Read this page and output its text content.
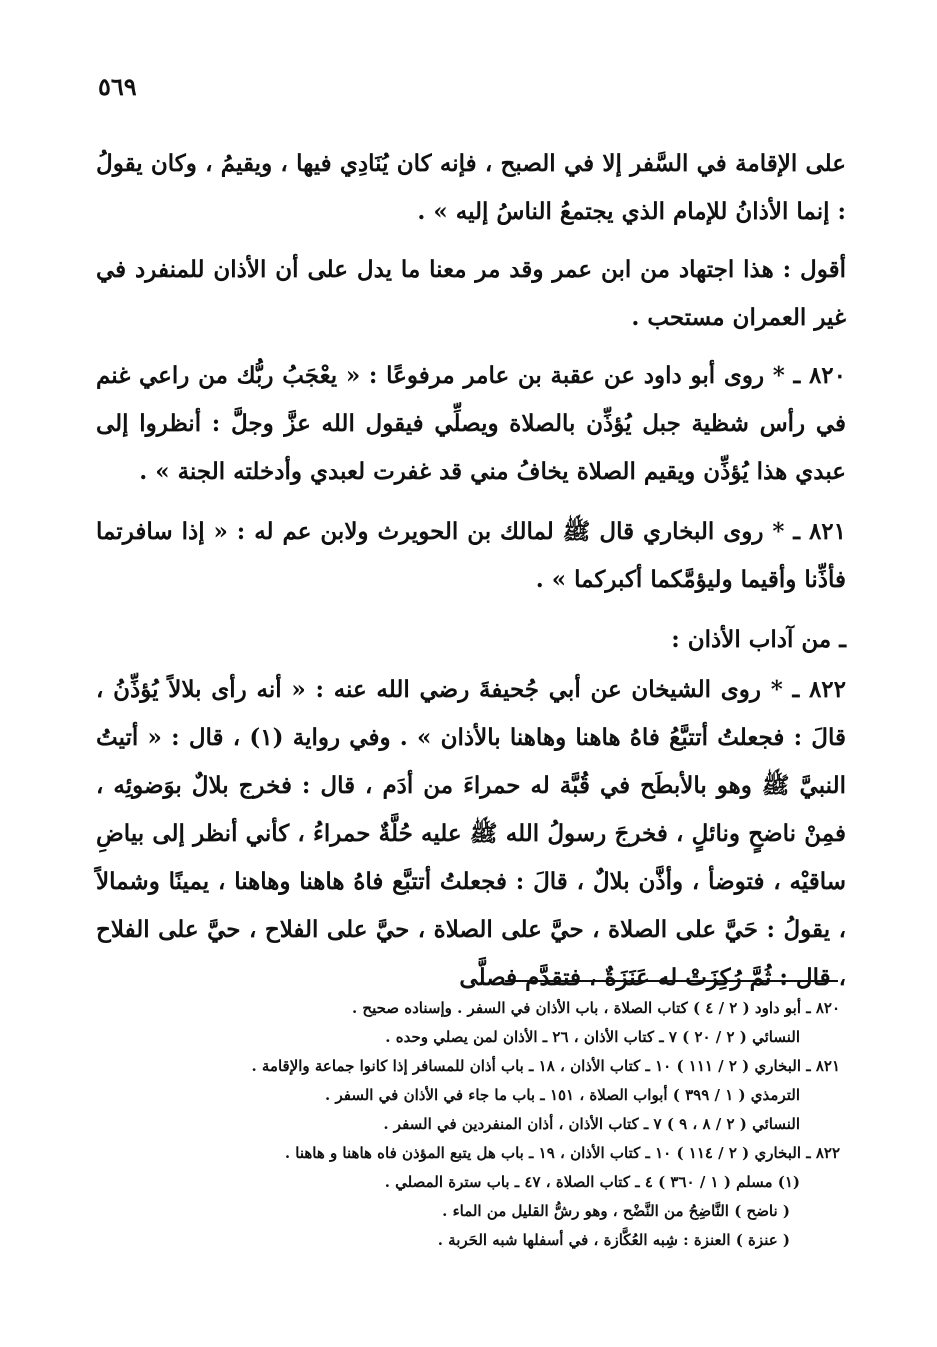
٥٦٩

على الإقامة في السَّفر إلا في الصبح ، فإنه كان يُنَادِي فيها ، ويقيمُ ، وكان يقولُ : إنما الأذانُ للإمام الذي يجتمعُ الناسُ إليه » .

أقول : هذا اجتهاد من ابن عمر وقد مر معنا ما يدل على أن الأذان للمنفرد في غير العمران مستحب .

٨٢٠ ـ * روى أبو داود عن عقبة بن عامر مرفوعًا : « يعْجَبُ ربُّك من راعي غنم في رأس شظية جبل يُؤذِّن بالصلاة ويصلِّي فيقول الله عزَّ وجلَّ : أنظروا إلى عبدي هذا يُؤذِّن ويقيم الصلاة يخافُ مني قد غفرت لعبدي وأدخلته الجنة » .

٨٢١ ـ * روى البخاري قال ﷺ لمالك بن الحويرث ولابن عم له : « إذا سافرتما فأذِّنا وأقيما وليؤمَّكما أكبركما » .

ـ من آداب الأذان :

٨٢٢ ـ * روى الشيخان عن أبي جُحيفةَ رضي الله عنه : « أنه رأى بلالاً يُؤذِّنُ ، قالَ : فجعلتُ أتتبَّعُ فاهُ هاهنا وهاهنا بالأذان » . وفي رواية (١) ، قال : « أتيتُ النبيَّ ﷺ وهو بالأبطَح في قُبَّة له حمراءَ من أدَم ، قال : فخرج بلالٌ بوَضوئِه ، فمِنْ ناضحٍ ونائلٍ ، فخرجَ رسولُ الله ﷺ عليه حُلَّةٌ حمراءُ ، كأني أنظر إلى بياضِ ساقيْه ، فتوضأ ، وأذَّن بلالٌ ، قالَ : فجعلتُ أتتبَّع فاهُ هاهنا وهاهنا ، يمينًا وشمالاً ، يقولُ : حَيَّ على الصلاة ، حيَّ على الصلاة ، حيَّ على الفلاح ، حيَّ على الفلاح ، قال : ثُمَّ رُكِزَتْ له عَنَزَةٌ ، فتقدَّم فصلَّى

٨٢٠ ـ أبو داود ( ٢ / ٤ ) كتاب الصلاة ، باب الأذان في السفر . وإسناده صحيح .
النسائي ( ٢ / ٢٠ ) ٧ ـ كتاب الأذان ، ٢٦ ـ الأذان لمن يصلي وحده .
٨٢١ ـ البخاري ( ٢ / ١١١ ) ١٠ ـ كتاب الأذان ، ١٨ ـ باب أذان للمسافر إذا كانوا جماعة والإقامة .
الترمذي ( ١ / ٣٩٩ ) أبواب الصلاة ، ١٥١ ـ باب ما جاء في الأذان في السفر .
النسائي ( ٢ / ٨ ، ٩ ) ٧ ـ كتاب الأذان ، أذان المنفردين في السفر .
٨٢٢ ـ البخاري ( ٢ / ١١٤ ) ١٠ ـ كتاب الأذان ، ١٩ ـ باب هل يتبع المؤذن فاه هاهنا و هاهنا .
(١) مسلم ( ١ / ٣٦٠ ) ٤ ـ كتاب الصلاة ، ٤٧ ـ باب سترة المصلي .
( ناضح ) النَّاضِحُ من النَّضْح ، وهو رشُّ القليل من الماء .
( عنزة ) العنزة : شِبه العُكَّازة ، في أسفلها شبه الحَربة .
